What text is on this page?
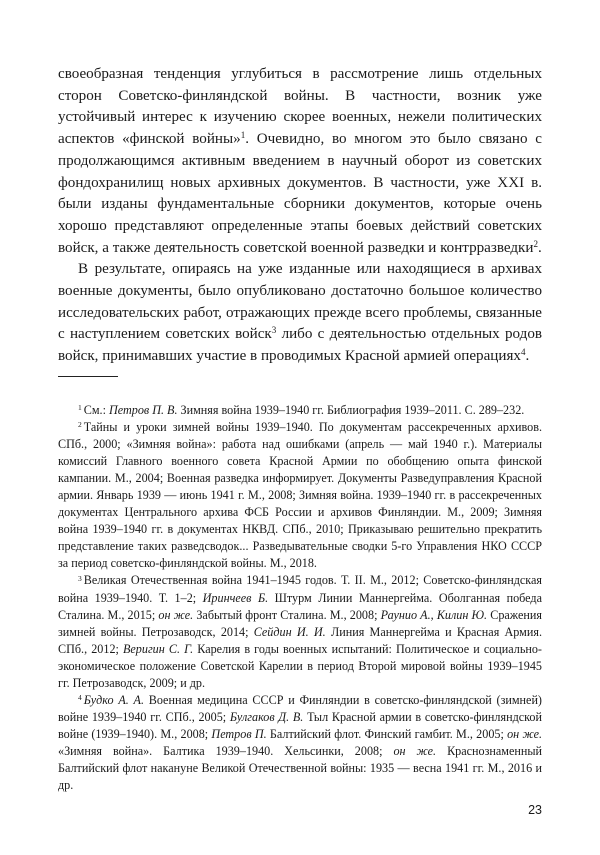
своеобразная тенденция углубиться в рассмотрение лишь отдельных сторон Советско-финляндской войны. В частности, возник уже устойчивый интерес к изучению скорее военных, нежели политических аспектов «финской войны»$^1$. Очевидно, во многом это было связано с продолжающимся активным введением в научный оборот из советских фондохранилищ новых архивных документов. В частности, уже XXI в. были изданы фундаментальные сборники документов, которые очень хорошо представляют определенные этапы боевых действий советских войск, а также деятельность советской военной разведки и контрразведки$^2$.

В результате, опираясь на уже изданные или находящиеся в архивах военные документы, было опубликовано достаточно большое количество исследовательских работ, отражающих прежде всего проблемы, связанные с наступлением советских войск$^3$ либо с деятельностью отдельных родов войск, принимавших участие в проводимых Красной армией операциях$^4$.

$^1$ См.: Петров П. В. Зимняя война 1939–1940 гг. Библиография 1939–2011. С. 289–232.

$^2$ Тайны и уроки зимней войны 1939–1940. По документам рассекреченных архивов. СПб., 2000; «Зимняя война»: работа над ошибками (апрель — май 1940 г.). Материалы комиссий Главного военного совета Красной Армии по обобщению опыта финской кампании. М., 2004; Военная разведка информирует. Документы Разведуправления Красной армии. Январь 1939 — июнь 1941 г. М., 2008; Зимняя война. 1939–1940 гг. в рассекреченных документах Центрального архива ФСБ России и архивов Финляндии. М., 2009; Зимняя война 1939–1940 гг. в документах НКВД. СПб., 2010; Приказываю решительно прекратить представление таких разведсводок... Разведывательные сводки 5-го Управления НКО СССР за период советско-финляндской войны. М., 2018.

$^3$ Великая Отечественная война 1941–1945 годов. Т. II. М., 2012; Советско-финляндская война 1939–1940. Т. 1–2; Иринчеев Б. Штурм Линии Маннергейма. Оболганная победа Сталина. М., 2015; он же. Забытый фронт Сталина. М., 2008; Раунио А., Килин Ю. Сражения зимней войны. Петрозаводск, 2014; Сейдин И. И. Линия Маннергейма и Красная Армия. СПб., 2012; Веригин С. Г. Карелия в годы военных испытаний: Политическое и социально-экономическое положение Советской Карелии в период Второй мировой войны 1939–1945 гг. Петрозаводск, 2009; и др.

$^4$ Будко А. А. Военная медицина СССР и Финляндии в советско-финляндской (зимней) войне 1939–1940 гг. СПб., 2005; Булгаков Д. В. Тыл Красной армии в советско-финляндской войне (1939–1940). М., 2008; Петров П. Балтийский флот. Финский гамбит. М., 2005; он же. «Зимняя война». Балтика 1939–1940. Хельсинки, 2008; он же. Краснознаменный Балтийский флот накануне Великой Отечественной войны: 1935 — весна 1941 гг. М., 2016 и др.

23
